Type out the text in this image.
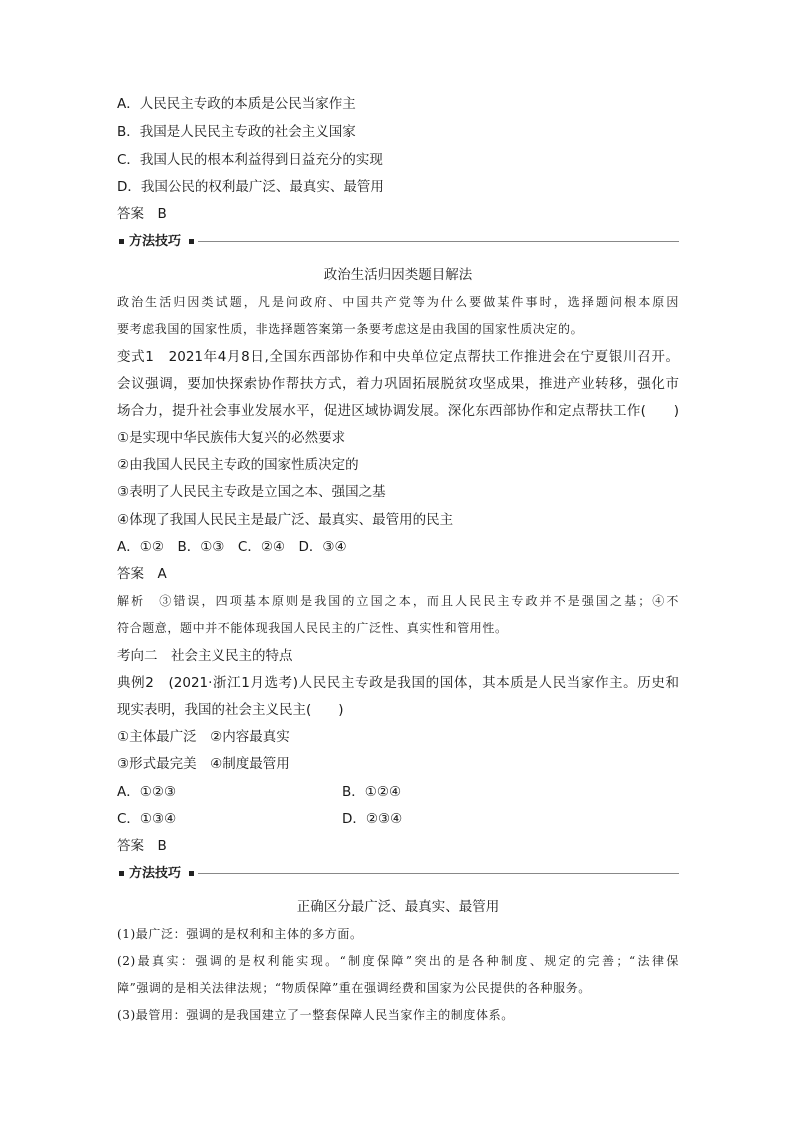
A．人民民主专政的本质是公民当家作主
B．我国是人民民主专政的社会主义国家
C．我国人民的根本利益得到日益充分的实现
D．我国公民的权利最广泛、最真实、最管用
答案　B
方法技巧
政治生活归因类题目解法
政治生活归因类试题，凡是问政府、中国共产党等为什么要做某件事时，选择题问根本原因
要考虑我国的国家性质，非选择题答案第一条要考虑这是由我国的国家性质决定的。
变式1　2021年4月8日,全国东西部协作和中央单位定点帮扶工作推进会在宁夏银川召开。
会议强调，要加快探索协作帮扶方式，着力巩固拓展脱贫攻坚成果，推进产业转移，强化市
场合力，提升社会事业发展水平，促进区域协调发展。深化东西部协作和定点帮扶工作(　　)
①是实现中华民族伟大复兴的必然要求
②由我国人民民主专政的国家性质决定的
③表明了人民民主专政是立国之本、强国之基
④体现了我国人民民主是最广泛、最真实、最管用的民主
A．①②　B．①③　C．②④　D．③④
答案　A
解析　③错误，四项基本原则是我国的立国之本，而且人民民主专政并不是强国之基；④不
符合题意，题中并不能体现我国人民民主的广泛性、真实性和管用性。
考向二　社会主义民主的特点
典例2　(2021·浙江1月选考)人民民主专政是我国的国体，其本质是人民当家作主。历史和
现实表明，我国的社会主义民主(　　)
①主体最广泛　②内容最真实
③形式最完美　④制度最管用
A．①②③	B．①②④
C．①③④	D．②③④
答案　B
方法技巧
正确区分最广泛、最真实、最管用
(1)最广泛：强调的是权利和主体的多方面。
(2)最真实：强调的是权利能实现。“制度保障”突出的是各种制度、规定的完善；“法律保
障”强调的是相关法律法规；“物质保障”重在强调经费和国家为公民提供的各种服务。
(3)最管用：强调的是我国建立了一整套保障人民当家作主的制度体系。
